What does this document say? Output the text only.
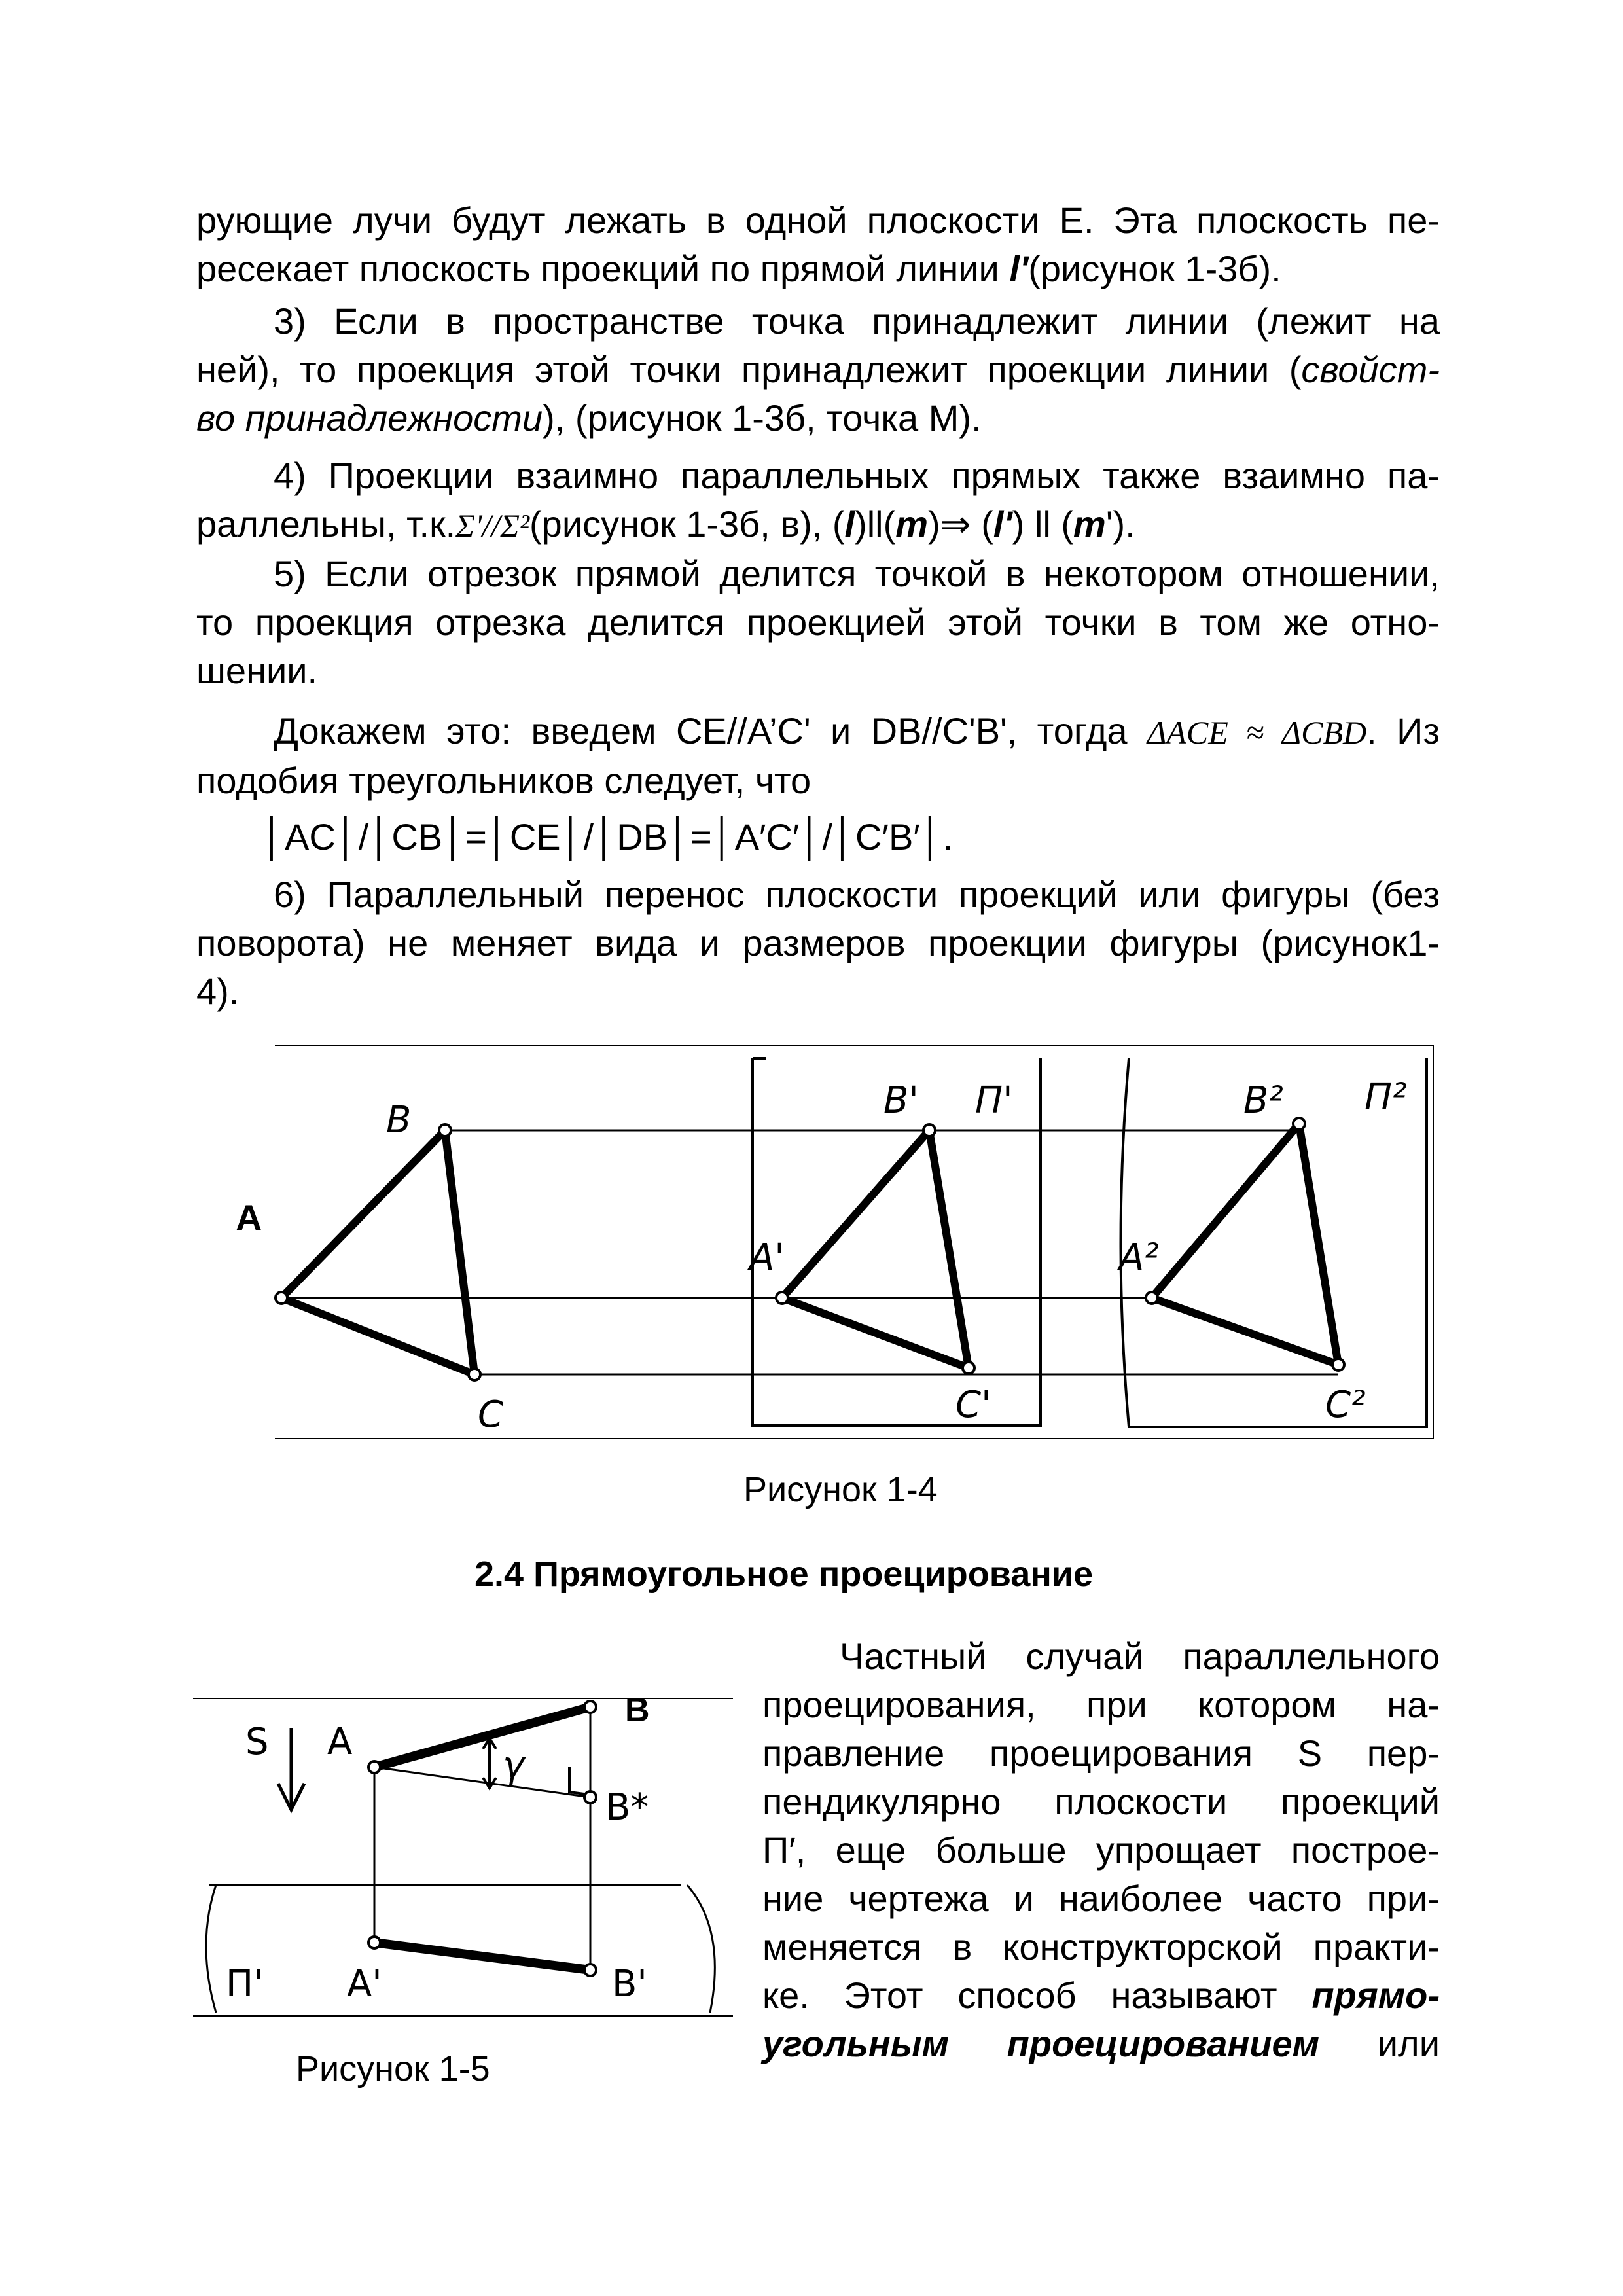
рующие лучи будут лежать в одной плоскости Е. Эта плоскость пе-

ресекает плоскость проекций по прямой линии l'(рисунок 1-3б).

3) Если в пространстве точка принадлежит линии (лежит на

ней), то проекция этой точки принадлежит проекции линии (свойст-

во принадлежности), (рисунок 1-3б, точка М).

4) Проекции взаимно параллельных прямых также взаимно па-

раллельны, т.к.Σ'//Σ²(рисунок 1-3б, в), (l)ll(m)⇒ (l') ll (m').

5) Если отрезок прямой делится точкой в некотором отношении,

то проекция отрезка делится проекцией этой точки в том же отно-

шении.

Докажем это: введем CE//A’C' и DB//C'B', тогда ΔACE ≈ ΔCBD. Из

подобия треугольников следует, что

│AC│/│CB│=│CE│/│DB│=│A′C′│/│C′B′│.

6) Параллельный перенос плоскости проекций или фигуры (без

поворота) не меняет вида и размеров проекции фигуры (рисунок1-

4).

A
B
C
A'
B' П'
C'
A²
B² П²
C²
Рисунок 1-4
2.4 Прямоугольное проецирование
S A
B
γ
B*
П' A'	B'
Рисунок 1-5

Частный случай параллельного

проецирования, при котором на-

правление проецирования S пер-

пендикулярно плоскости проекций

П′, еще больше упрощает построе-

ние чертежа и наиболее часто при-

меняется в конструкторской практи-

ке. Этот способ называют прямо-

угольным проецированием или
